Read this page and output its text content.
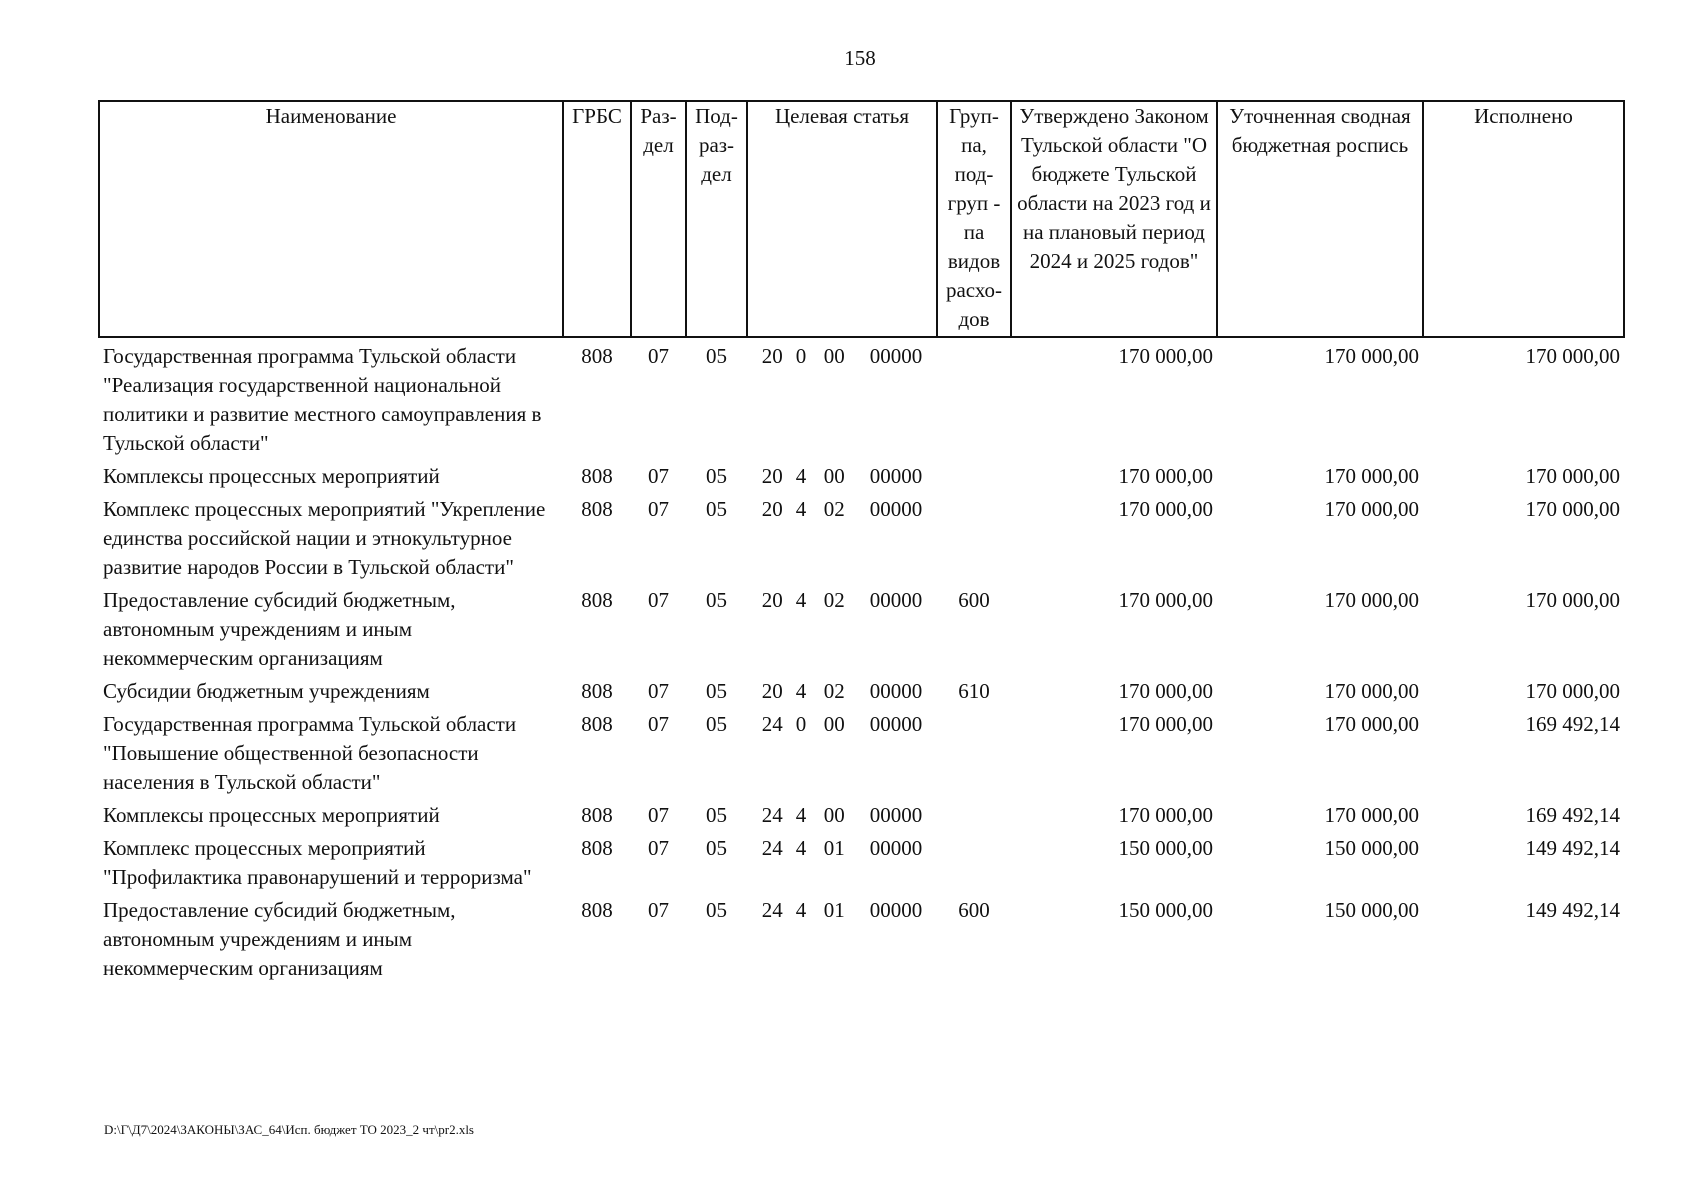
158
Наименование	ГРБС	Раз-дел	Под-раз-дел	Целевая статья	Груп-па, под-груп - па видов расхо-дов	Утверждено Законом Тульской области "О бюджете Тульской области на 2023 год и на плановый период 2024 и 2025 годов"	Уточненная сводная бюджетная роспись	Исполнено
Государственная программа Тульской области "Реализация государственной национальной политики и развитие местного самоуправления в Тульской области"	808	07	05	20 0 00 00000		170 000,00	170 000,00	170 000,00
Комплексы процессных мероприятий	808	07	05	20 4 00 00000		170 000,00	170 000,00	170 000,00
Комплекс процессных мероприятий "Укрепление единства российской нации и этнокультурное развитие народов России в Тульской области"	808	07	05	20 4 02 00000		170 000,00	170 000,00	170 000,00
Предоставление субсидий бюджетным, автономным учреждениям и иным некоммерческим организациям	808	07	05	20 4 02 00000	600	170 000,00	170 000,00	170 000,00
Субсидии бюджетным учреждениям	808	07	05	20 4 02 00000	610	170 000,00	170 000,00	170 000,00
Государственная программа Тульской области "Повышение общественной безопасности населения в Тульской области"	808	07	05	24 0 00 00000		170 000,00	170 000,00	169 492,14
Комплексы процессных мероприятий	808	07	05	24 4 00 00000		170 000,00	170 000,00	169 492,14
Комплекс процессных мероприятий "Профилактика правонарушений и терроризма"	808	07	05	24 4 01 00000		150 000,00	150 000,00	149 492,14
Предоставление субсидий бюджетным, автономным учреждениям и иным некоммерческим организациям	808	07	05	24 4 01 00000	600	150 000,00	150 000,00	149 492,14
D:\Г\Д7\2024\ЗАКОНЫ\ЗАС_64\Исп. бюджет ТО 2023_2 чт\pr2.xls
